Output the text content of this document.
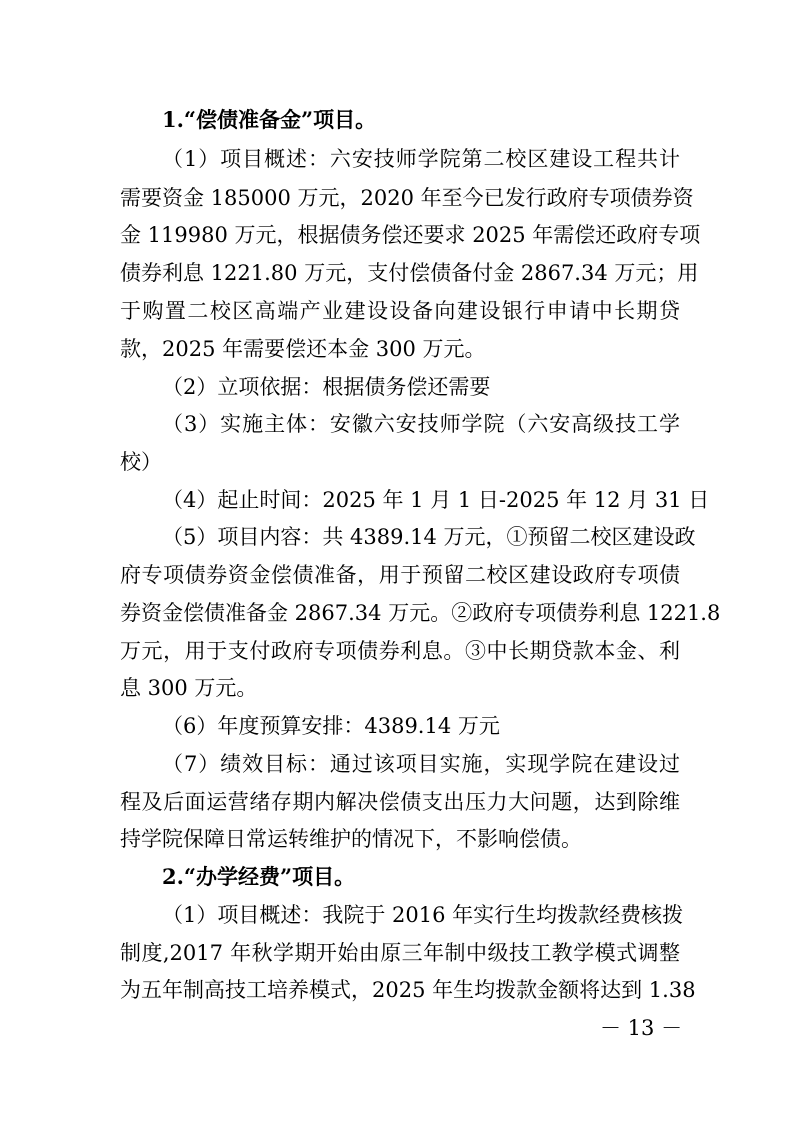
1.“偿债准备金”项目。
（1）项目概述：六安技师学院第二校区建设工程共计
需要资金 185000 万元，2020 年至今已发行政府专项债券资
金 119980 万元，根据债务偿还要求 2025 年需偿还政府专项
债券利息 1221.80 万元，支付偿债备付金 2867.34 万元；用
于购置二校区高端产业建设设备向建设银行申请中长期贷
款，2025 年需要偿还本金 300 万元。
（2）立项依据：根据债务偿还需要
（3）实施主体：安徽六安技师学院（六安高级技工学
校）
（4）起止时间：2025 年 1 月 1 日-2025 年 12 月 31 日
（5）项目内容：共 4389.14 万元，①预留二校区建设政
府专项债券资金偿债准备，用于预留二校区建设政府专项债
券资金偿债准备金 2867.34 万元。②政府专项债券利息 1221.8
万元，用于支付政府专项债券利息。③中长期贷款本金、利
息 300 万元。
（6）年度预算安排：4389.14 万元
（7）绩效目标：通过该项目实施，实现学院在建设过
程及后面运营绪存期内解决偿债支出压力大问题，达到除维
持学院保障日常运转维护的情况下，不影响偿债。
2.“办学经费”项目。
（1）项目概述：我院于 2016 年实行生均拨款经费核拨
制度,2017 年秋学期开始由原三年制中级技工教学模式调整
为五年制高技工培养模式，2025 年生均拨款金额将达到 1.38
－ 13 －
